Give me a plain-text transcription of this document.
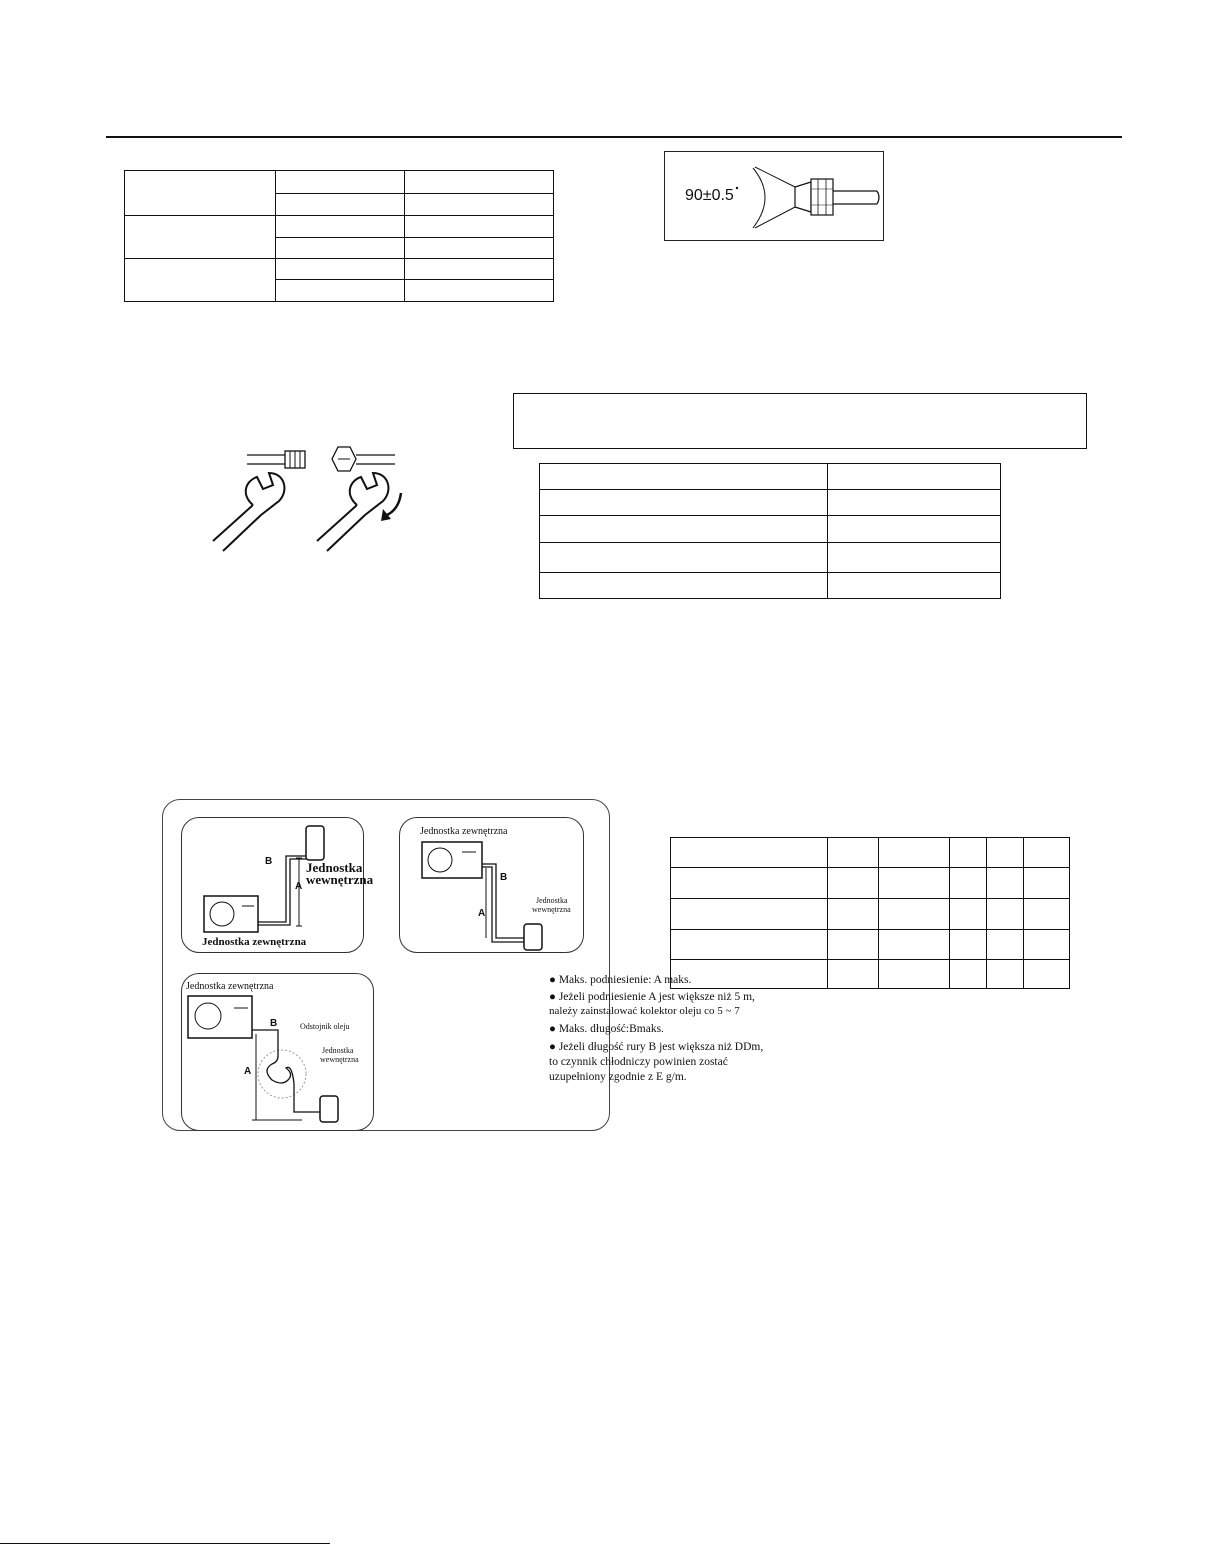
90±0.5

B
A
Jednostka
wewnętrzna
Jednostka zewnętrzna
Jednostka zewnętrzna
B
A
Jednostka
wewnętrzna
Jednostka zewnętrzna
B
A
Odstojnik oleju
Jednostka
wewnętrzna
● Maks. podniesienie: A maks.
● Jeżeli podniesienie A jest większe niż 5 m,
należy zainstalować kolektor oleju co 5 ~ 7
● Maks. długość:Bmaks.
● Jeżeli długość rury B jest większa niż DDm,
to czynnik chłodniczy powinien zostać
uzupełniony zgodnie z E g/m.
